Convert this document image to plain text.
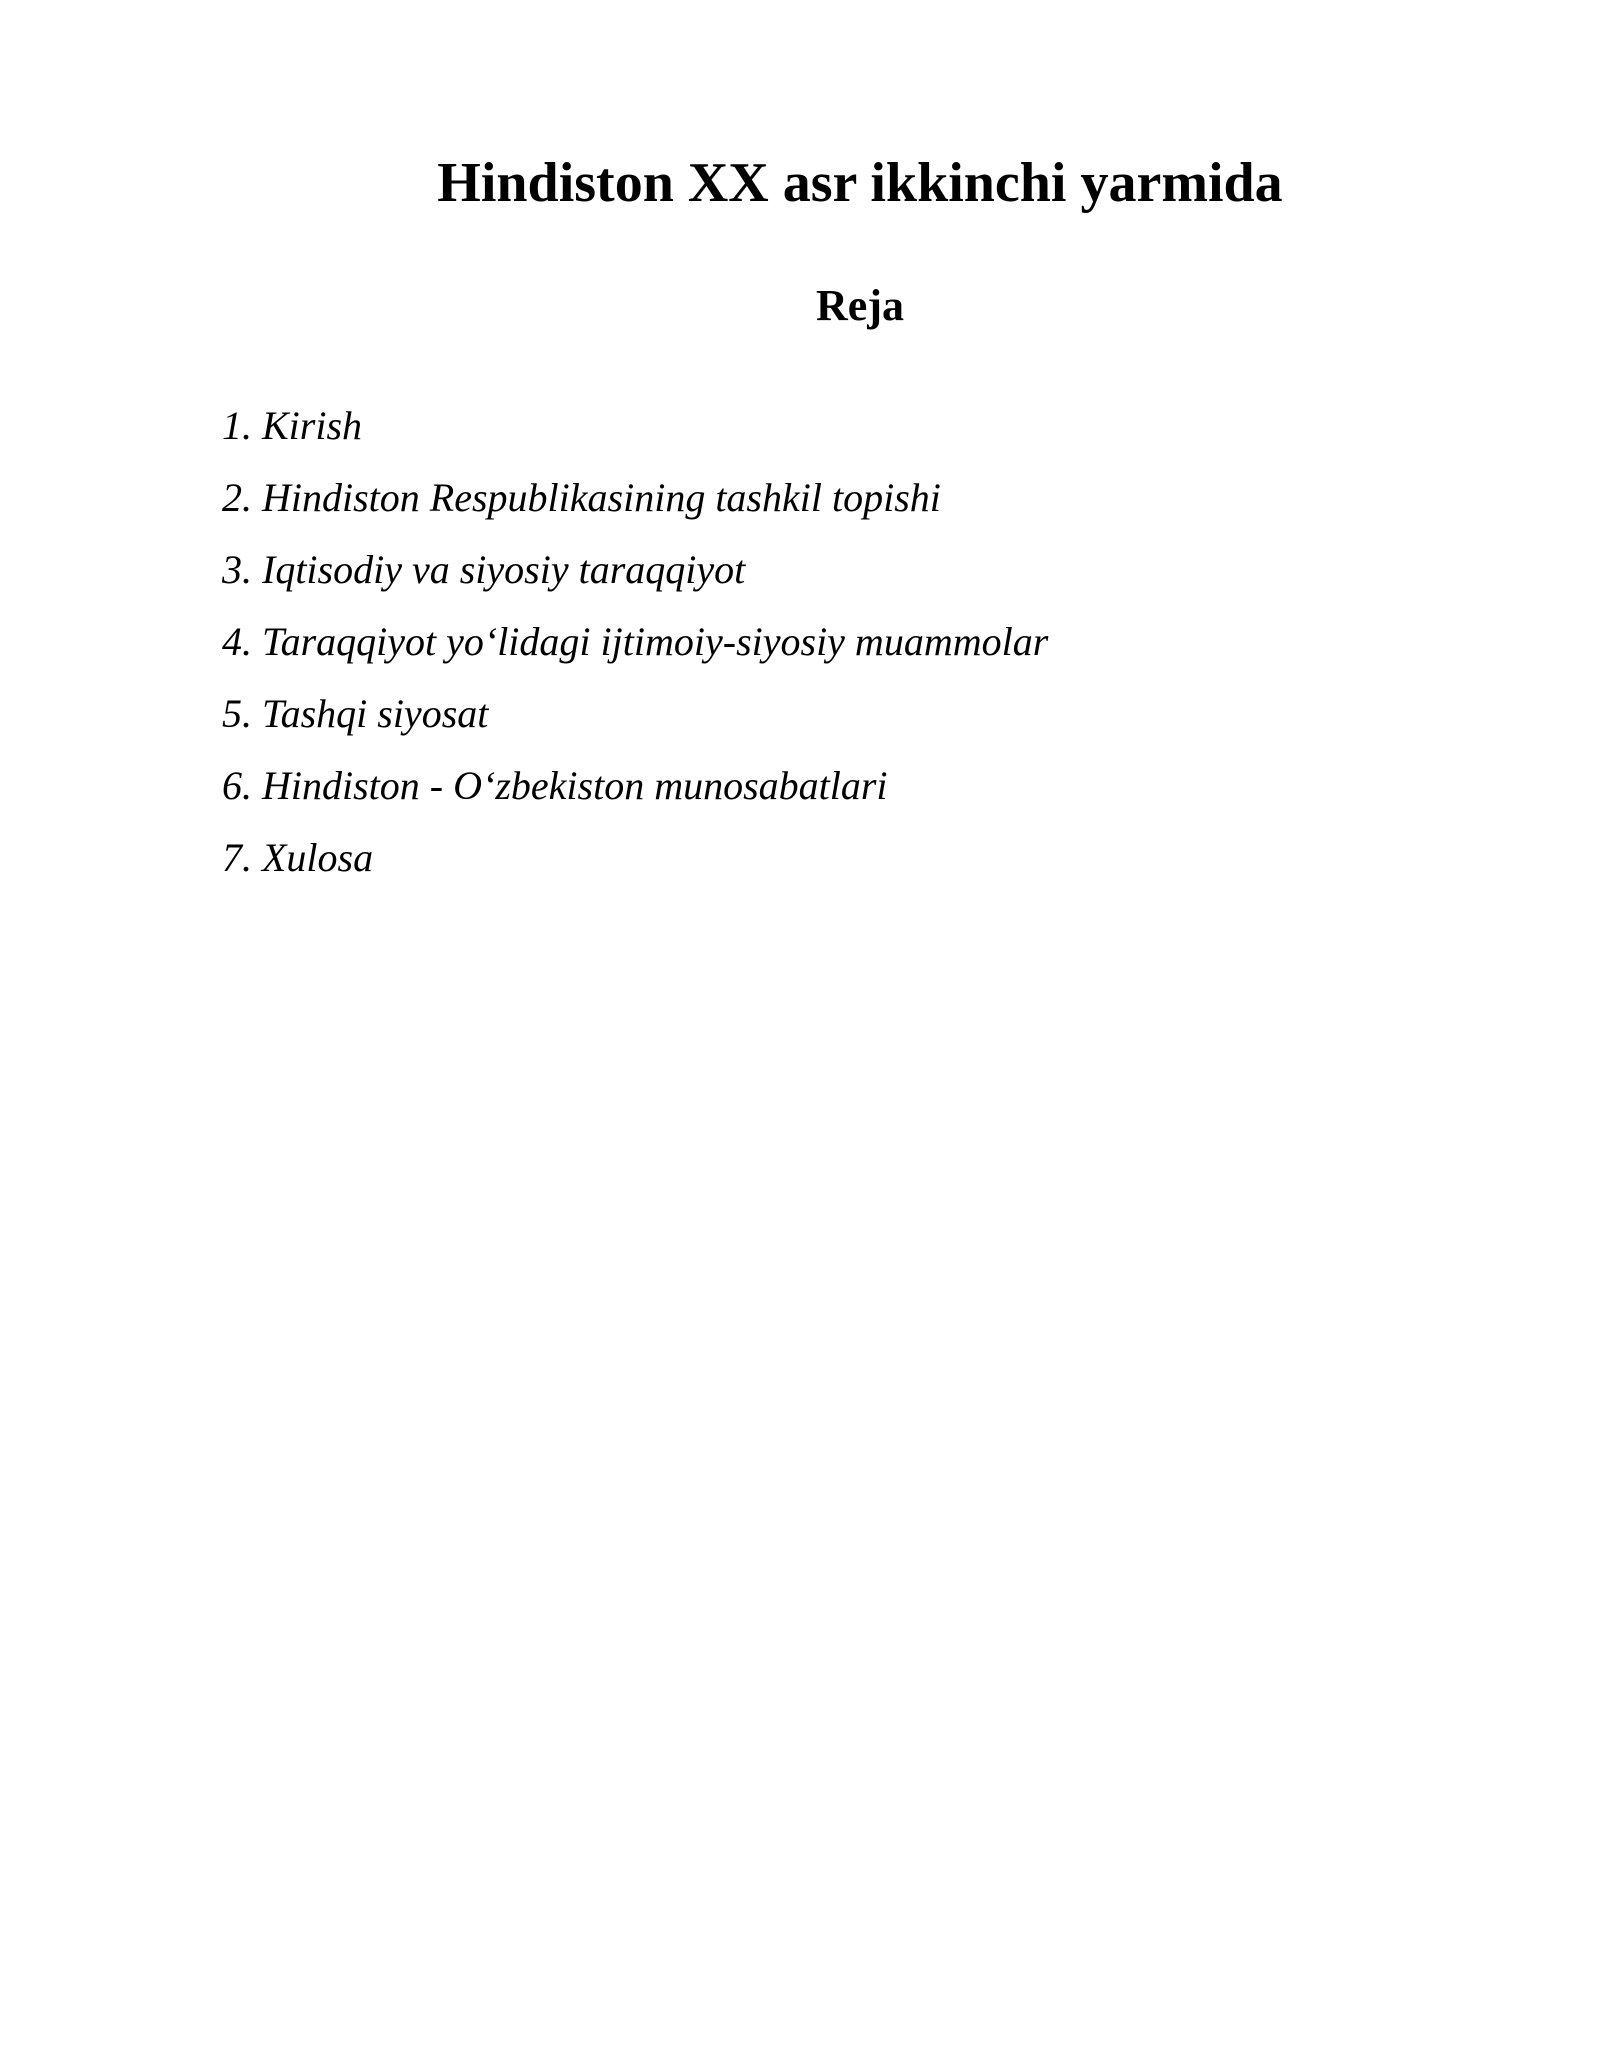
Hindiston XX asr ikkinchi yarmida
Reja
1. Kirish
2. Hindiston Respublikasining tashkil topishi
3. Iqtisodiy va siyosiy taraqqiyot
4. Taraqqiyot yo‘lidagi ijtimoiy-siyosiy muammolar
5. Tashqi siyosat
6. Hindiston - O‘zbekiston munosabatlari
7. Xulosa
